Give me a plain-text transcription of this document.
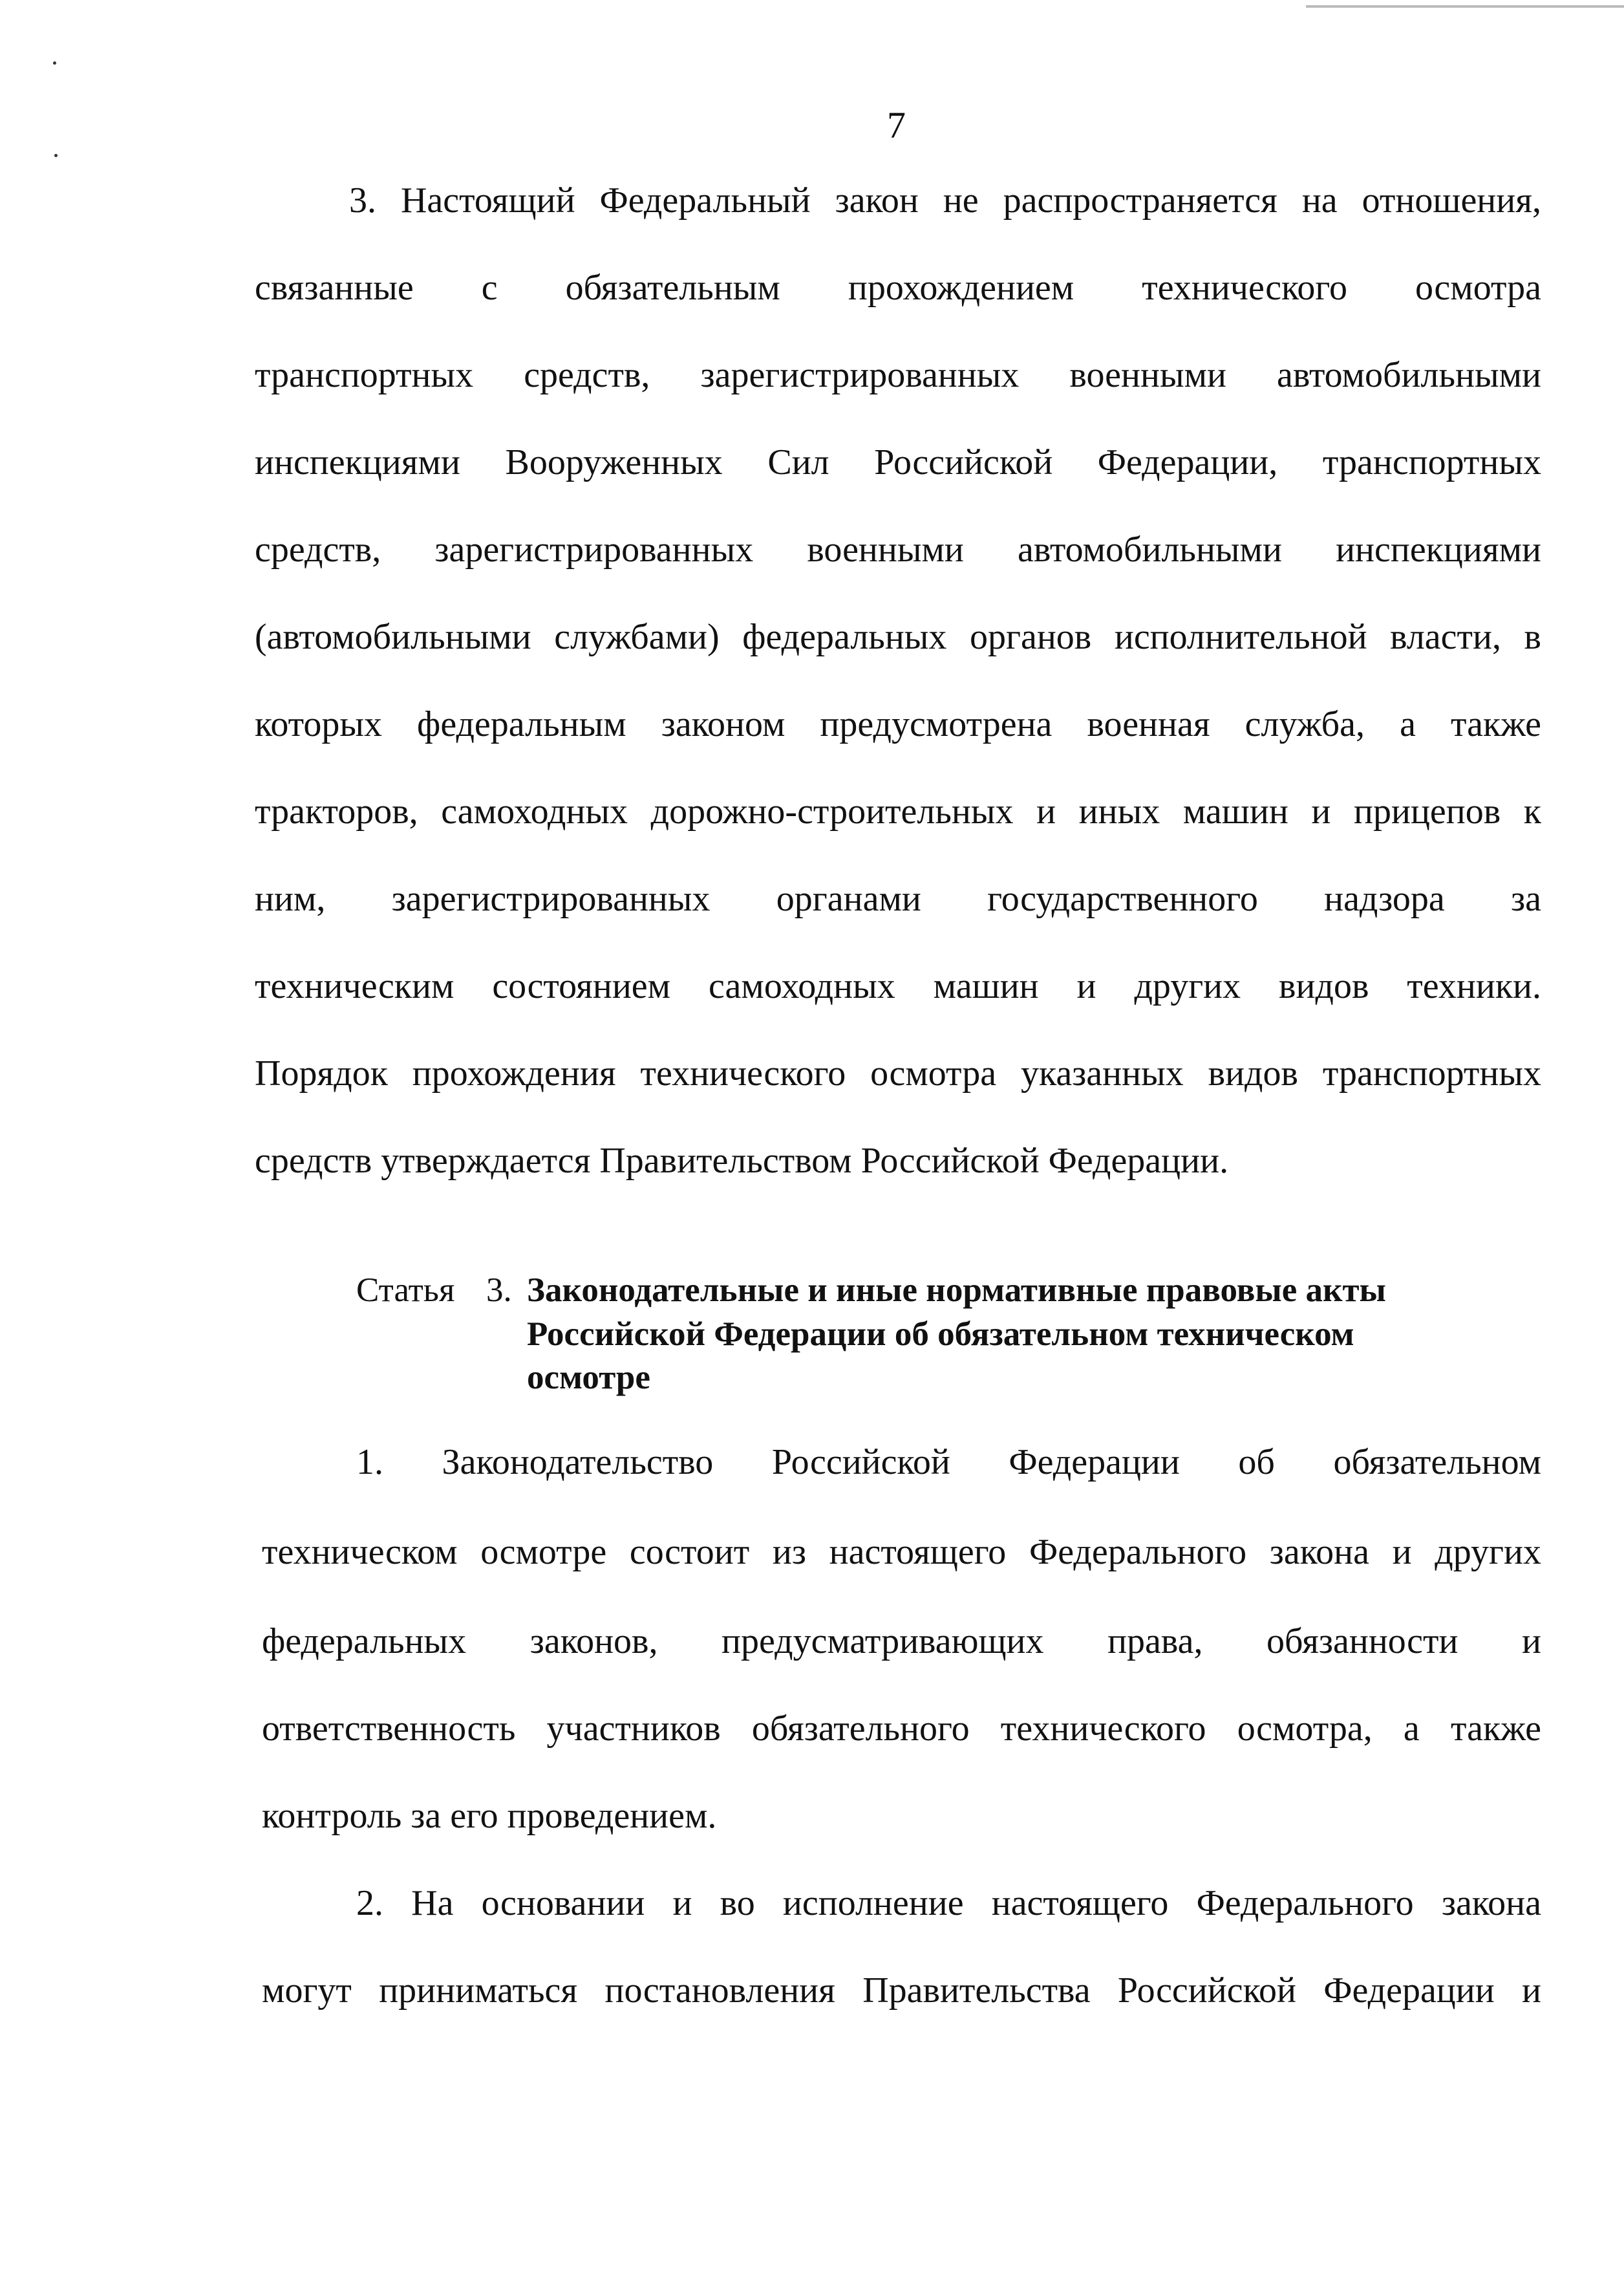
7
3. Настоящий Федеральный закон не распространяется на отношения,
связанные с обязательным прохождением технического осмотра
транспортных средств, зарегистрированных военными автомобильными
инспекциями Вооруженных Сил Российской Федерации, транспортных
средств, зарегистрированных военными автомобильными инспекциями
(автомобильными службами) федеральных органов исполнительной власти, в
которых федеральным законом предусмотрена военная служба, а также
тракторов, самоходных дорожно-строительных и иных машин и прицепов к
ним, зарегистрированных органами государственного надзора за
техническим состоянием самоходных машин и других видов техники.
Порядок прохождения технического осмотра указанных видов транспортных
средств утверждается Правительством Российской Федерации.
Статья 3. Законодательные и иные нормативные правовые акты
Российской Федерации об обязательном техническом
осмотре
1. Законодательство Российской Федерации об обязательном
техническом осмотре состоит из настоящего Федерального закона и других
федеральных законов, предусматривающих права, обязанности и
ответственность участников обязательного технического осмотра, а также
контроль за его проведением.
2. На основании и во исполнение настоящего Федерального закона
могут приниматься постановления Правительства Российской Федерации и
